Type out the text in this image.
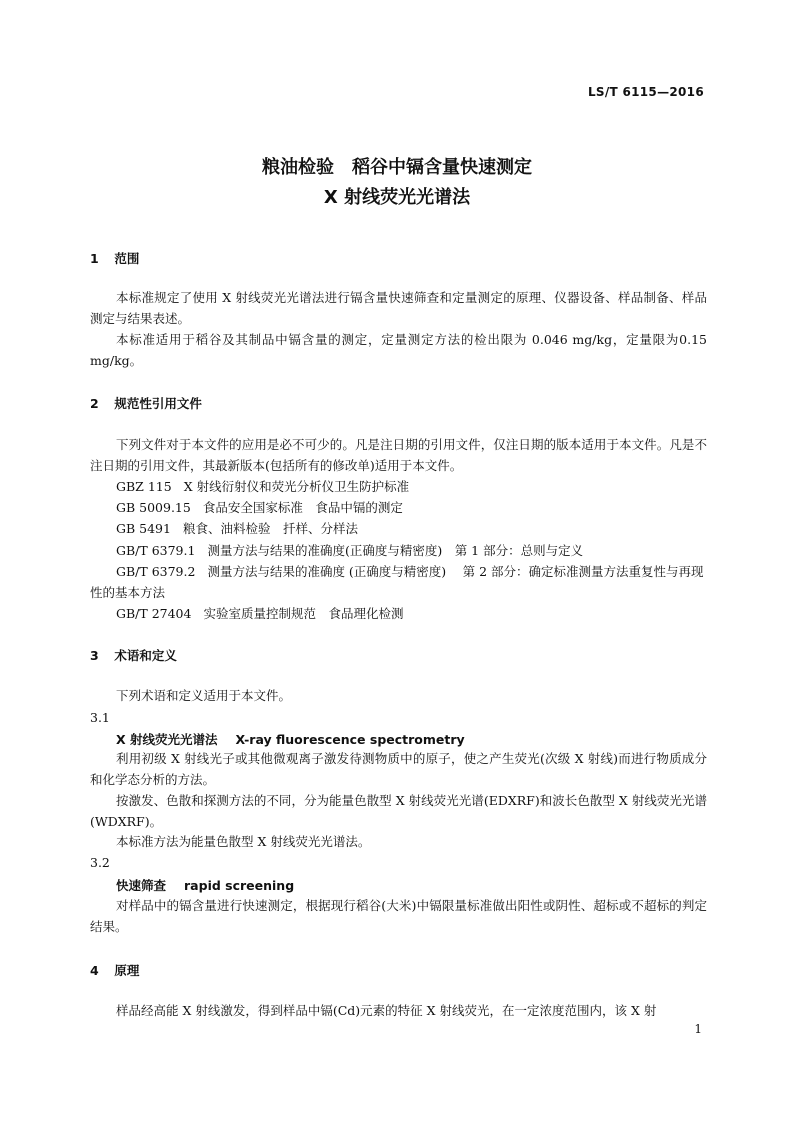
LS/T 6115—2016
粮油检验　稻谷中镉含量快速测定
X 射线荧光光谱法
1 范围
本标准规定了使用 X 射线荧光光谱法进行镉含量快速筛查和定量测定的原理、仪器设备、样品制备、样品测定与结果表述。
本标准适用于稻谷及其制品中镉含量的测定，定量测定方法的检出限为 0.046 mg/kg，定量限为0.15 mg/kg。
2 规范性引用文件
下列文件对于本文件的应用是必不可少的。凡是注日期的引用文件，仅注日期的版本适用于本文件。凡是不注日期的引用文件，其最新版本(包括所有的修改单)适用于本文件。
GBZ 115 X 射线衍射仪和荧光分析仪卫生防护标准
GB 5009.15 食品安全国家标准　食品中镉的测定
GB 5491 粮食、油料检验　扦样、分样法
GB/T 6379.1 测量方法与结果的准确度(正确度与精密度)　第 1 部分：总则与定义
GB/T 6379.2 测量方法与结果的准确度 (正确度与精密度)　 第 2 部分：确定标准测量方法重复性与再现性的基本方法
GB/T 27404 实验室质量控制规范　食品理化检测
3 术语和定义
下列术语和定义适用于本文件。
3.1
X 射线荧光光谱法 X-ray fluorescence spectrometry
利用初级 X 射线光子或其他微观离子激发待测物质中的原子，使之产生荧光(次级 X 射线)而进行物质成分和化学态分析的方法。
按激发、色散和探测方法的不同，分为能量色散型 X 射线荧光光谱(EDXRF)和波长色散型 X 射线荧光光谱(WDXRF)。
本标准方法为能量色散型 X 射线荧光光谱法。
3.2
快速筛查 rapid screening
对样品中的镉含量进行快速测定，根据现行稻谷(大米)中镉限量标准做出阳性或阴性、超标或不超标的判定结果。
4 原理
样品经高能 X 射线激发，得到样品中镉(Cd)元素的特征 X 射线荧光，在一定浓度范围内，该 X 射
1
